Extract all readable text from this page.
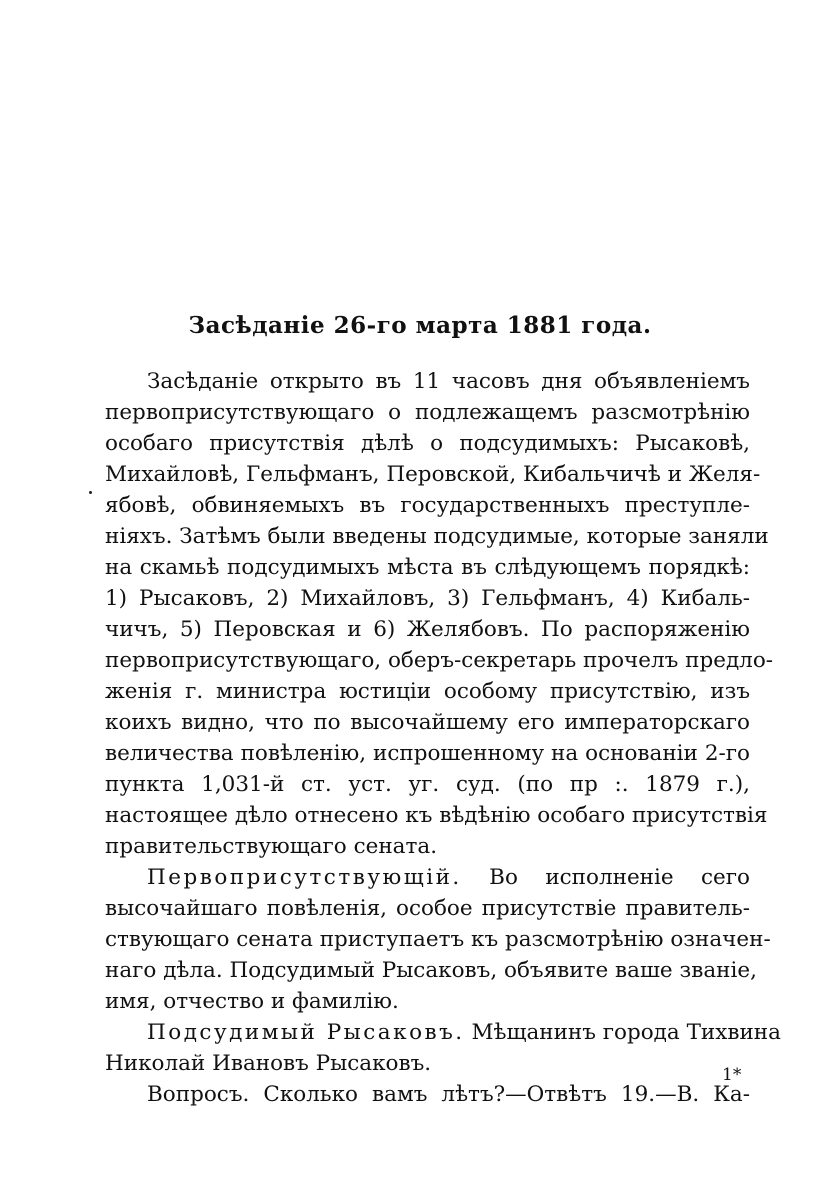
Засѣданіе 26-го марта 1881 года.
Засѣданіе открыто въ 11 часовъ дня объявленіемъ
первоприсутствующаго о подлежащемъ разсмотрѣнію
особаго присутствія дѣлѣ о подсудимыхъ: Рысаковѣ,
Михайловѣ, Гельфманъ, Перовской, Кибальчичѣ и Желя-
ябовѣ, обвиняемыхъ въ государственныхъ преступле-
ніяхъ. Затѣмъ были введены подсудимые, которые заняли
на скамьѣ подсудимыхъ мѣста въ слѣдующемъ порядкѣ:
1) Рысаковъ, 2) Михайловъ, 3) Гельфманъ, 4) Кибаль-
чичъ, 5) Перовская и 6) Желябовъ. По распоряженію
первоприсутствующаго, оберъ-секретарь прочелъ предло-
женія г. министра юстиціи особому присутствію, изъ
коихъ видно, что по высочайшему его императорскаго
величества повѣленію, испрошенному на основаніи 2-го
пункта 1,031-й ст. уст. уг. суд. (по пр :. 1879 г.),
настоящее дѣло отнесено къ вѣдѣнію особаго присутствія
правительствующаго сената.
Первоприсутствующій. Во исполненіе сего
высочайшаго повѣленія, особое присутствіе правитель-
ствующаго сената приступаетъ къ разсмотрѣнію означен-
наго дѣла. Подсудимый Рысаковъ, объявите ваше званіе,
имя, отчество и фамилію.
Подсудимый Рысаковъ. Мѣщанинъ города Тихвина
Николай Ивановъ Рысаковъ.
Вопросъ. Сколько вамъ лѣтъ?—Отвѣтъ 19.—В. Ка-
1*
